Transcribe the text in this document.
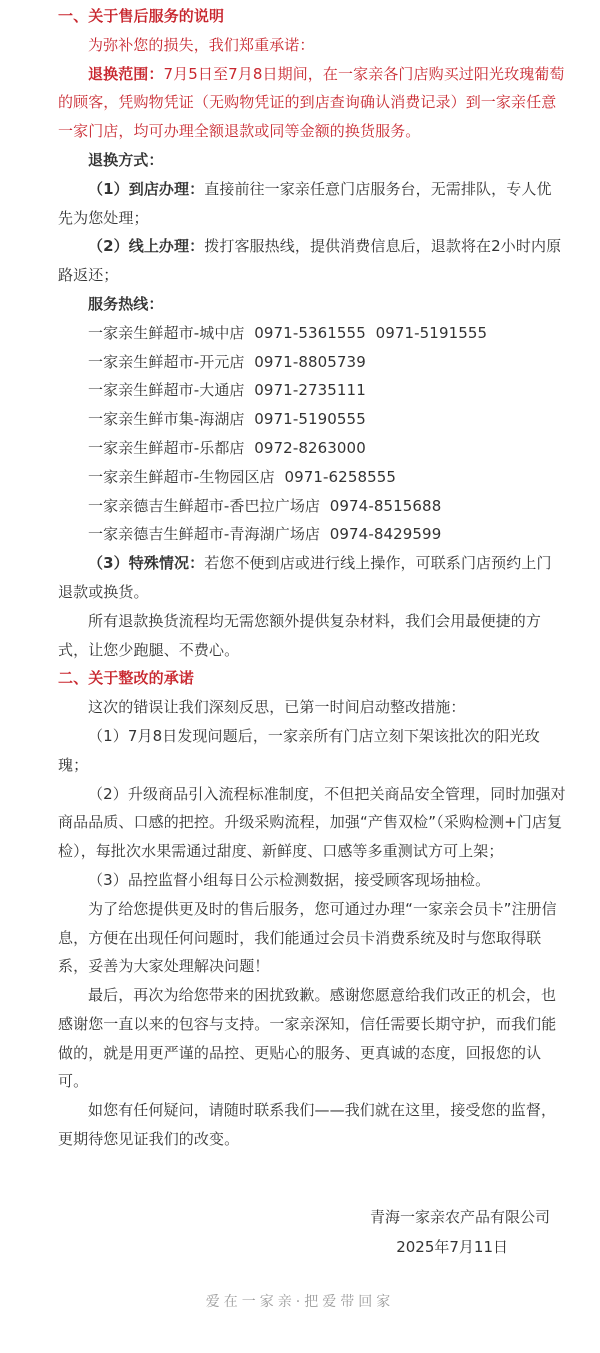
一、关于售后服务的说明

为弥补您的损失，我们郑重承诺：

退换范围：7月5日至7月8日期间，在一家亲各门店购买过阳光玫瑰葡萄的顾客，凭购物凭证（无购物凭证的到店查询确认消费记录）到一家亲任意一家门店，均可办理全额退款或同等金额的换货服务。

退换方式：

（1）到店办理：直接前往一家亲任意门店服务台，无需排队，专人优先为您处理；

（2）线上办理：拨打客服热线，提供消费信息后，退款将在2小时内原路返还；

服务热线：

一家亲生鲜超市-城中店  0971-5361555  0971-5191555

一家亲生鲜超市-开元店  0971-8805739

一家亲生鲜超市-大通店  0971-2735111

一家亲生鲜市集-海湖店  0971-5190555

一家亲生鲜超市-乐都店  0972-8263000

一家亲生鲜超市-生物园区店  0971-6258555

一家亲德吉生鲜超市-香巴拉广场店  0974-8515688

一家亲德吉生鲜超市-青海湖广场店  0974-8429599

（3）特殊情况：若您不便到店或进行线上操作，可联系门店预约上门退款或换货。

所有退款换货流程均无需您额外提供复杂材料，我们会用最便捷的方式，让您少跑腿、不费心。

二、关于整改的承诺

这次的错误让我们深刻反思，已第一时间启动整改措施：

（1）7月8日发现问题后，一家亲所有门店立刻下架该批次的阳光玫瑰；

（2）升级商品引入流程标准制度，不但把关商品安全管理，同时加强对商品品质、口感的把控。升级采购流程，加强“产售双检”（采购检测+门店复检），每批次水果需通过甜度、新鲜度、口感等多重测试方可上架；

（3）品控监督小组每日公示检测数据，接受顾客现场抽检。

为了给您提供更及时的售后服务，您可通过办理“一家亲会员卡”注册信息，方便在出现任何问题时，我们能通过会员卡消费系统及时与您取得联系，妥善为大家处理解决问题！

最后，再次为给您带来的困扰致歉。感谢您愿意给我们改正的机会，也感谢您一直以来的包容与支持。一家亲深知，信任需要长期守护，而我们能做的，就是用更严谨的品控、更贴心的服务、更真诚的态度，回报您的认可。

如您有任何疑问，请随时联系我们——我们就在这里，接受您的监督，更期待您见证我们的改变。

青海一家亲农产品有限公司
2025年7月11日
爱在一家亲·把爱带回家
